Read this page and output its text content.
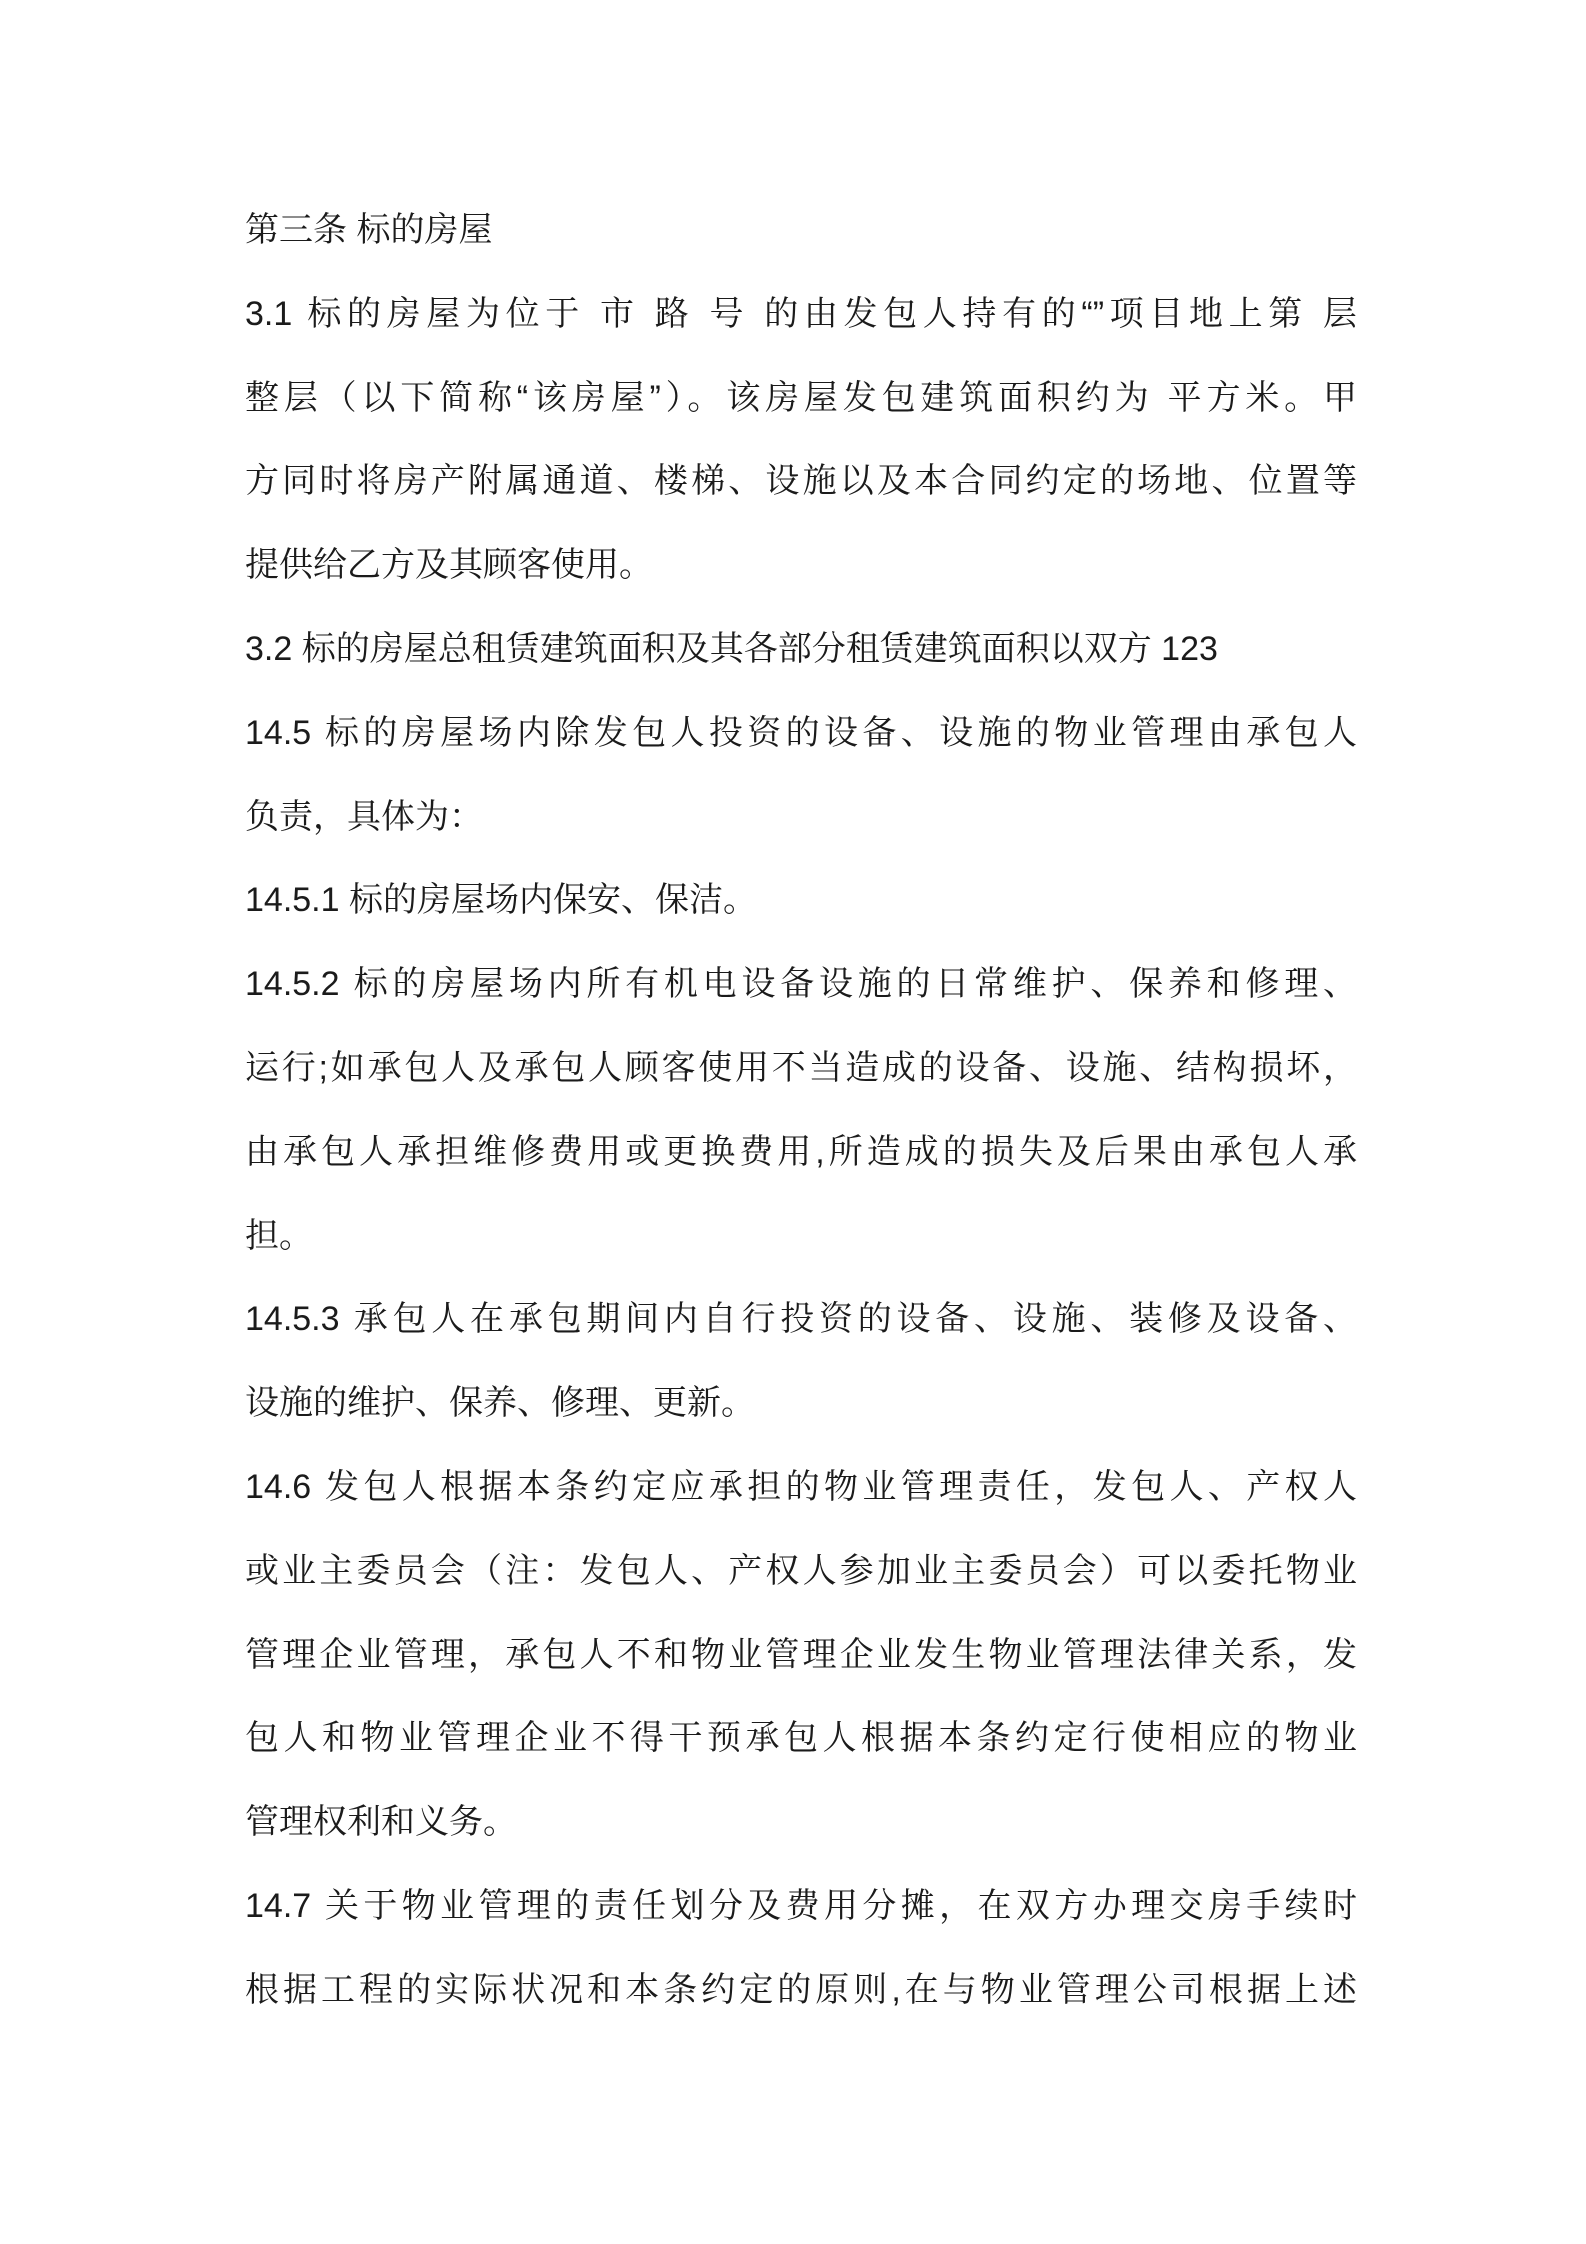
第三条 标的房屋
3.1 标的房屋为位于 市 路 号 的由发包人持有的“”项目地上第 层
整层（以下简称“该房屋”）。该房屋发包建筑面积约为 平方米。甲
方同时将房产附属通道、楼梯、设施以及本合同约定的场地、位置等
提供给乙方及其顾客使用。
3.2 标的房屋总租赁建筑面积及其各部分租赁建筑面积以双方 123
14.5 标的房屋场内除发包人投资的设备、设施的物业管理由承包人
负责，具体为：
14.5.1 标的房屋场内保安、保洁。
14.5.2 标的房屋场内所有机电设备设施的日常维护、保养和修理、
运行;如承包人及承包人顾客使用不当造成的设备、设施、结构损坏，
由承包人承担维修费用或更换费用,所造成的损失及后果由承包人承
担。
14.5.3 承包人在承包期间内自行投资的设备、设施、装修及设备、
设施的维护、保养、修理、更新。
14.6 发包人根据本条约定应承担的物业管理责任，发包人、产权人
或业主委员会（注：发包人、产权人参加业主委员会）可以委托物业
管理企业管理，承包人不和物业管理企业发生物业管理法律关系，发
包人和物业管理企业不得干预承包人根据本条约定行使相应的物业
管理权利和义务。
14.7 关于物业管理的责任划分及费用分摊，在双方办理交房手续时
根据工程的实际状况和本条约定的原则,在与物业管理公司根据上述
